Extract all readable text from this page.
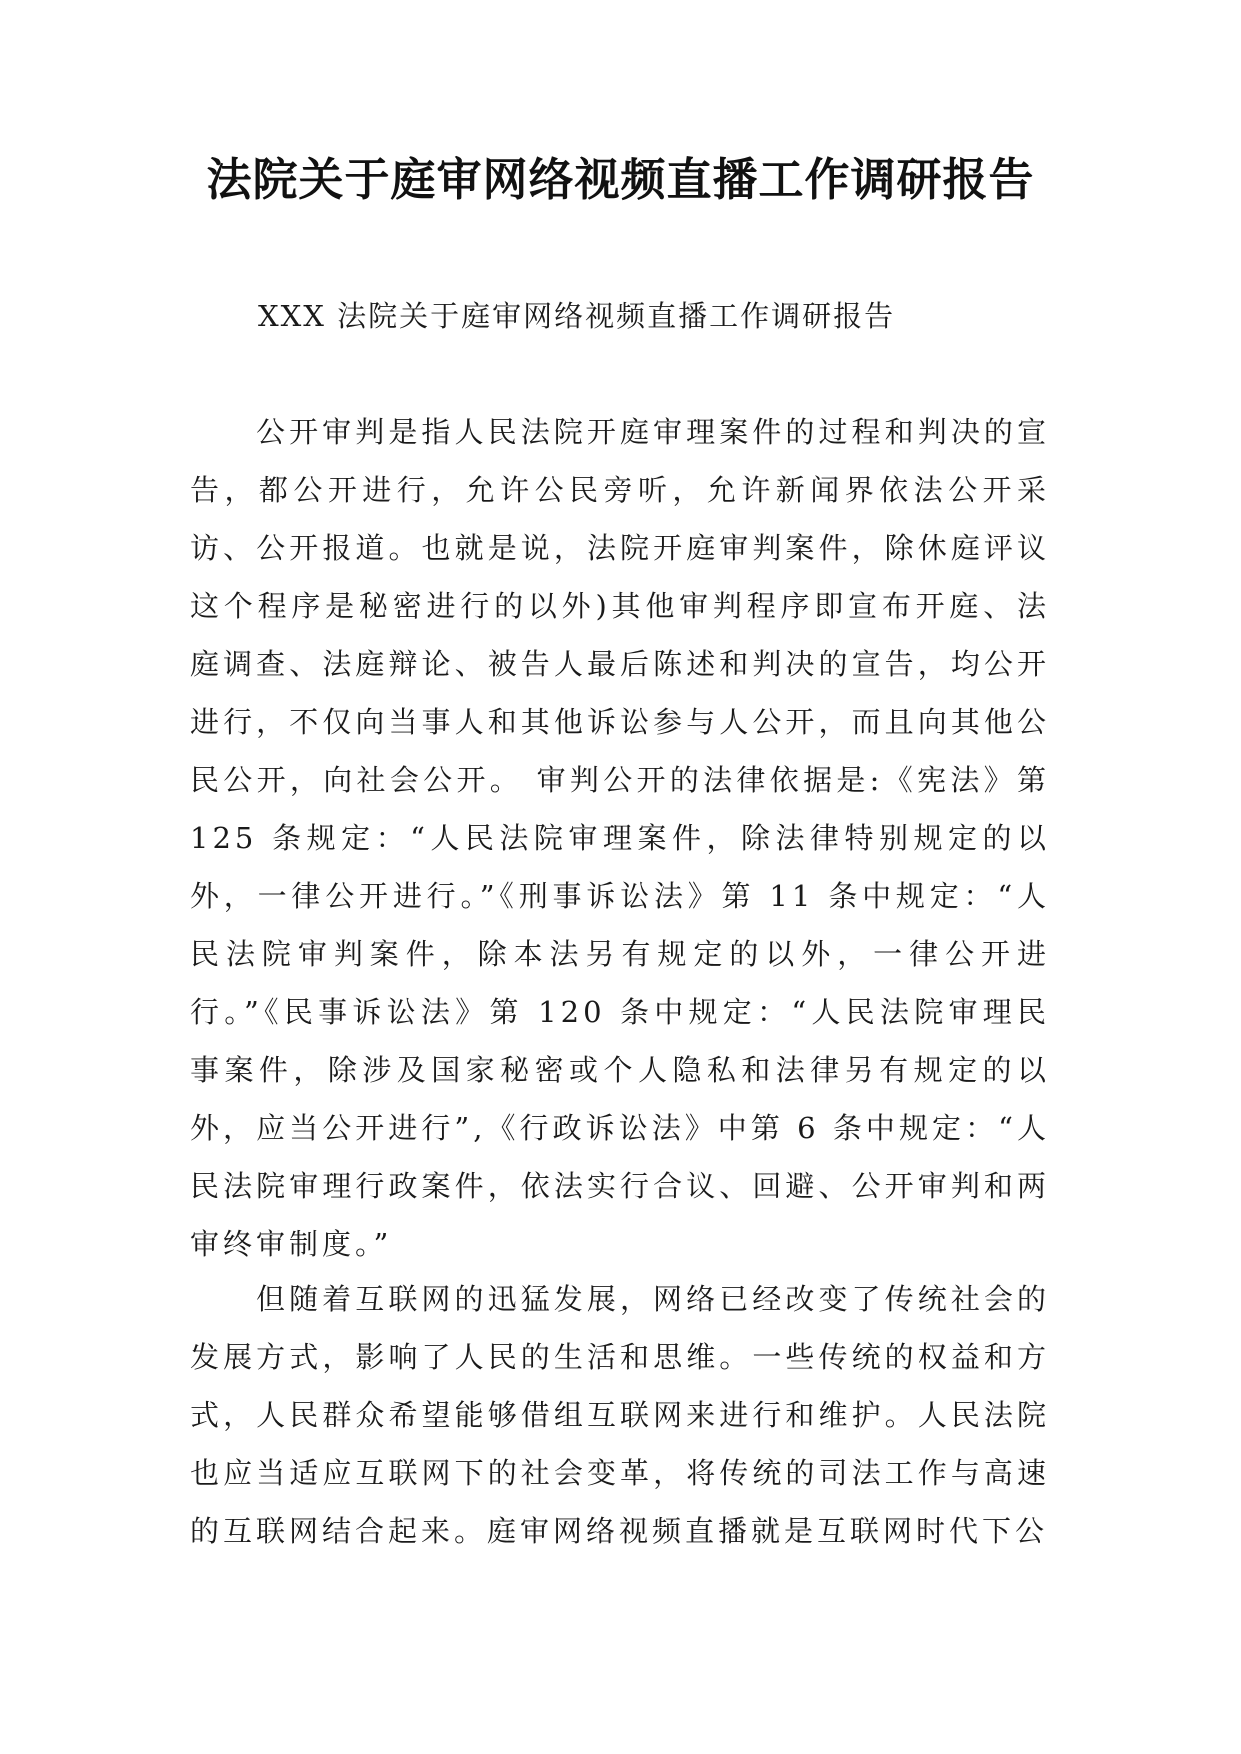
法院关于庭审网络视频直播工作调研报告

XXX 法院关于庭审网络视频直播工作调研报告

公开审判是指人民法院开庭审理案件的过程和判决的宣告，都公开进行，允许公民旁听，允许新闻界依法公开采访、公开报道。也就是说，法院开庭审判案件，除休庭评议这个程序是秘密进行的以外)其他审判程序即宣布开庭、法庭调查、法庭辩论、被告人最后陈述和判决的宣告，均公开进行，不仅向当事人和其他诉讼参与人公开，而且向其他公民公开，向社会公开。 审判公开的法律依据是:《宪法》第125 条规定：“人民法院审理案件，除法律特别规定的以外，一律公开进行。”《刑事诉讼法》第 11 条中规定：“人民法院审判案件，除本法另有规定的以外，一律公开进行。”《民事诉讼法》第 120 条中规定：“人民法院审理民事案件，除涉及国家秘密或个人隐私和法律另有规定的以外，应当公开进行”,《行政诉讼法》中第 6 条中规定：“人民法院审理行政案件，依法实行合议、回避、公开审判和两审终审制度。”

但随着互联网的迅猛发展，网络已经改变了传统社会的发展方式，影响了人民的生活和思维。一些传统的权益和方式，人民群众希望能够借组互联网来进行和维护。人民法院也应当适应互联网下的社会变革，将传统的司法工作与高速的互联网结合起来。庭审网络视频直播就是互联网时代下公
